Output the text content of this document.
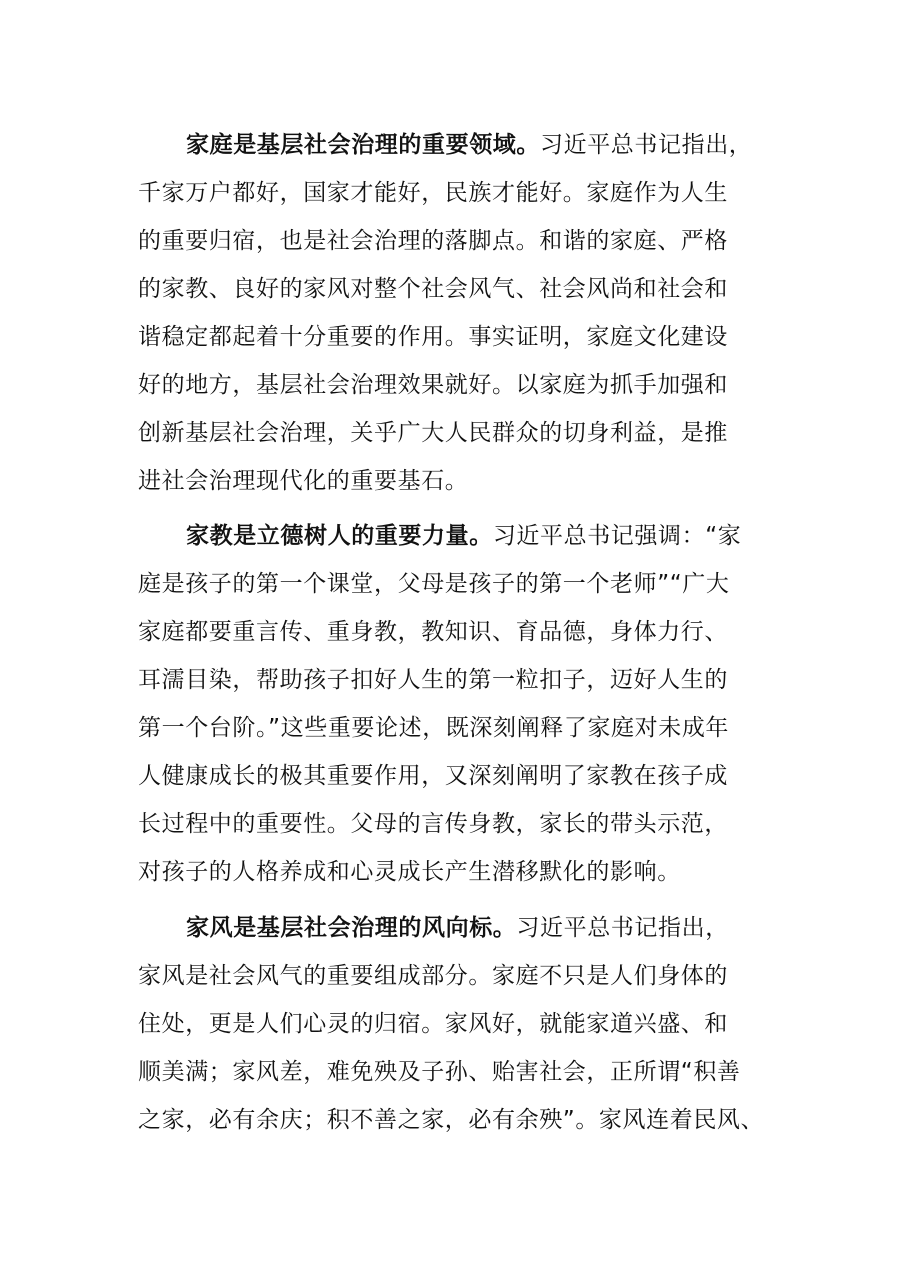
家庭是基层社会治理的重要领域。习近平总书记指出，
千家万户都好，国家才能好，民族才能好。家庭作为人生
的重要归宿，也是社会治理的落脚点。和谐的家庭、严格
的家教、良好的家风对整个社会风气、社会风尚和社会和
谐稳定都起着十分重要的作用。事实证明，家庭文化建设
好的地方，基层社会治理效果就好。以家庭为抓手加强和
创新基层社会治理，关乎广大人民群众的切身利益，是推
进社会治理现代化的重要基石。
家教是立德树人的重要力量。习近平总书记强调：“家
庭是孩子的第一个课堂，父母是孩子的第一个老师”“广大
家庭都要重言传、重身教，教知识、育品德，身体力行、
耳濡目染，帮助孩子扣好人生的第一粒扣子，迈好人生的
第一个台阶。”这些重要论述，既深刻阐释了家庭对未成年
人健康成长的极其重要作用，又深刻阐明了家教在孩子成
长过程中的重要性。父母的言传身教，家长的带头示范，
对孩子的人格养成和心灵成长产生潜移默化的影响。
家风是基层社会治理的风向标。习近平总书记指出，
家风是社会风气的重要组成部分。家庭不只是人们身体的
住处，更是人们心灵的归宿。家风好，就能家道兴盛、和
顺美满；家风差，难免殃及子孙、贻害社会，正所谓“积善
之家，必有余庆；积不善之家，必有余殃”。家风连着民风、
